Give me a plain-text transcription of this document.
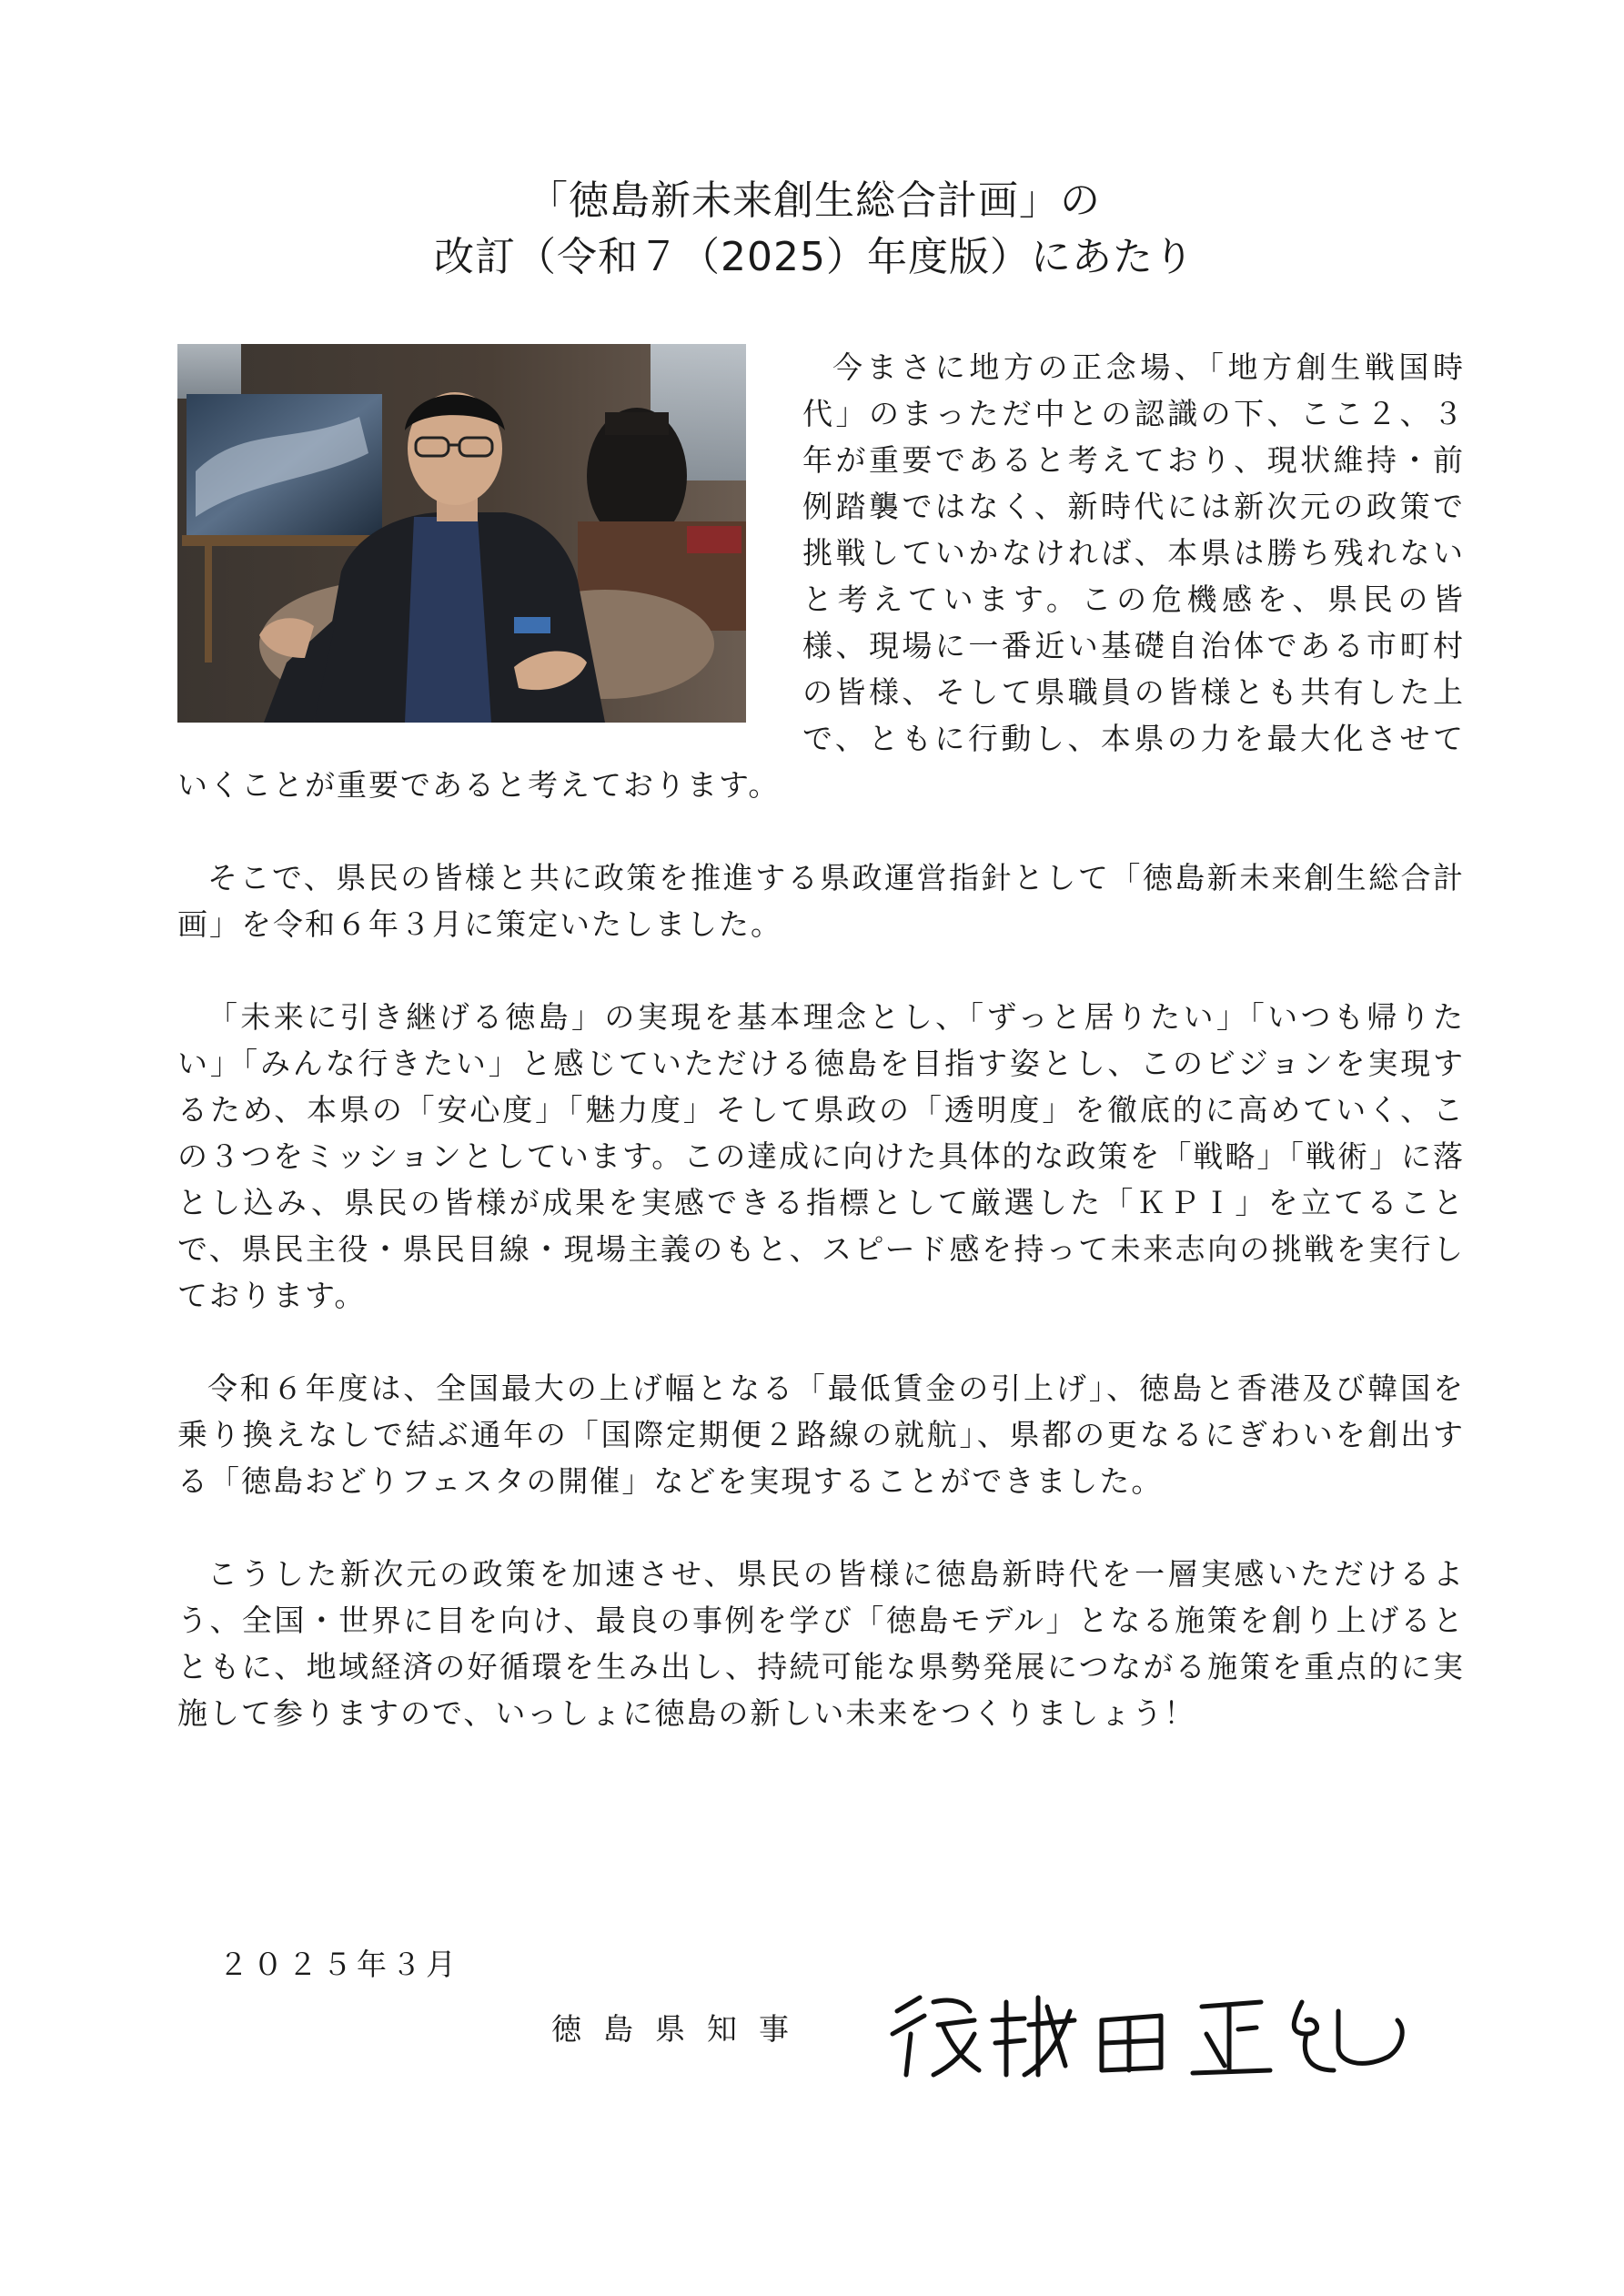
「徳島新未来創生総合計画」の
改訂（令和７（2025）年度版）にあたり

今まさに地方の正念場、「地方創生戦国時代」のまっただ中との認識の下、ここ２、３年が重要であると考えており、現状維持・前例踏襲ではなく、新時代には新次元の政策で挑戦していかなければ、本県は勝ち残れないと考えています。この危機感を、県民の皆様、現場に一番近い基礎自治体である市町村の皆様、そして県職員の皆様とも共有した上で、ともに行動し、本県の力を最大化させていくことが重要であると考えております。

そこで、県民の皆様と共に政策を推進する県政運営指針として「徳島新未来創生総合計画」を令和６年３月に策定いたしました。

「未来に引き継げる徳島」の実現を基本理念とし、「ずっと居りたい」「いつも帰りたい」「みんな行きたい」と感じていただける徳島を目指す姿とし、このビジョンを実現するため、本県の「安心度」「魅力度」そして県政の「透明度」を徹底的に高めていく、この３つをミッションとしています。この達成に向けた具体的な政策を「戦略」「戦術」に落とし込み、県民の皆様が成果を実感できる指標として厳選した「ＫＰＩ」を立てることで、県民主役・県民目線・現場主義のもと、スピード感を持って未来志向の挑戦を実行しております。

令和６年度は、全国最大の上げ幅となる「最低賃金の引上げ」、徳島と香港及び韓国を乗り換えなしで結ぶ通年の「国際定期便２路線の就航」、県都の更なるにぎわいを創出する「徳島おどりフェスタの開催」などを実現することができました。

こうした新次元の政策を加速させ、県民の皆様に徳島新時代を一層実感いただけるよう、全国・世界に目を向け、最良の事例を学び「徳島モデル」となる施策を創り上げるとともに、地域経済の好循環を生み出し、持続可能な県勢発展につながる施策を重点的に実施して参りますので、いっしょに徳島の新しい未来をつくりましょう！

２０２５年３月
徳島県知事
